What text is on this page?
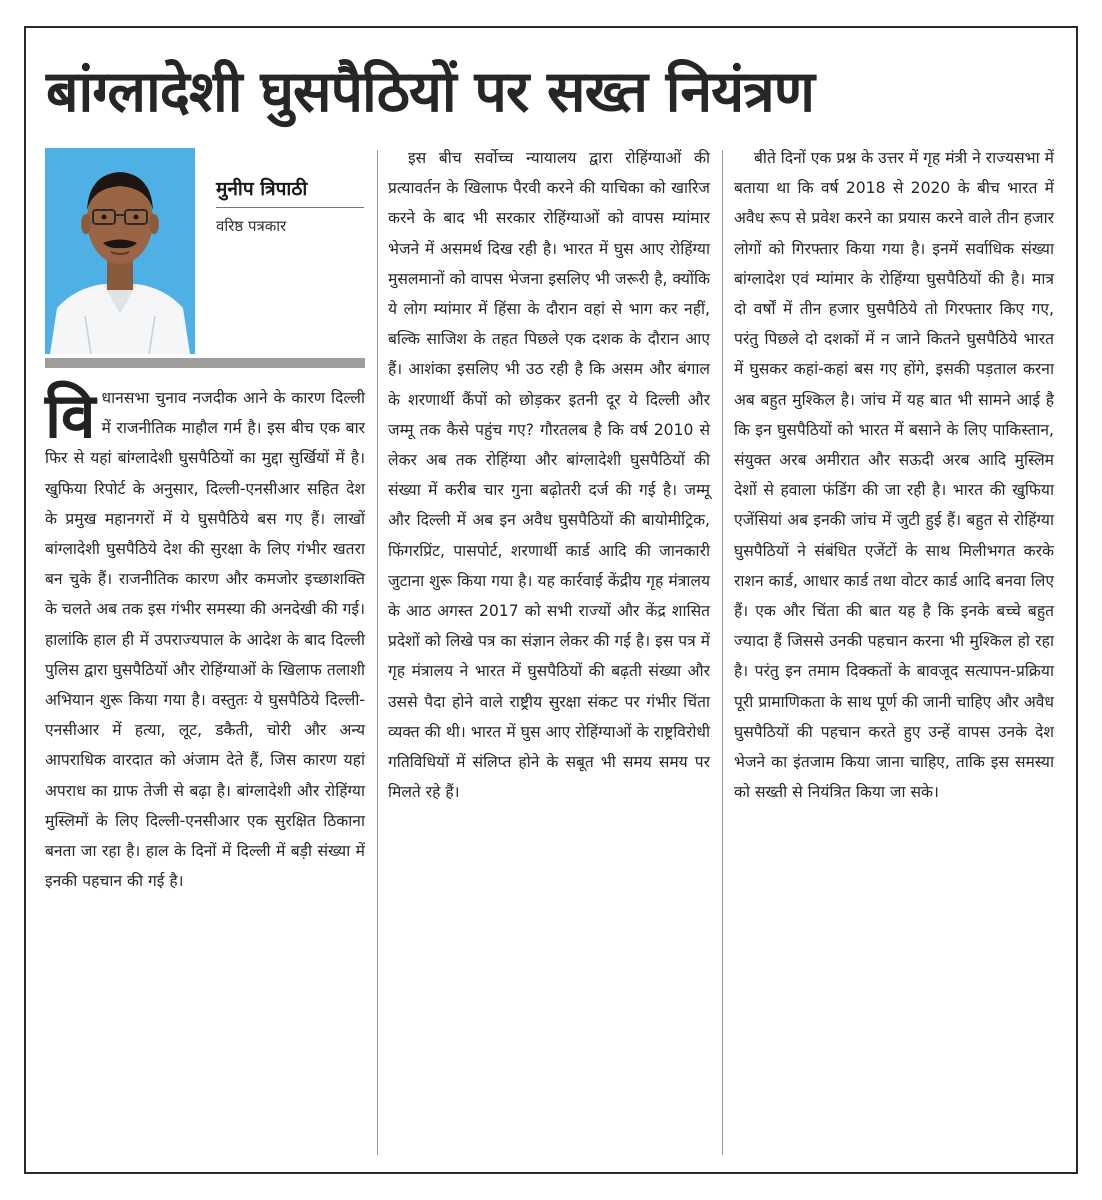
बांग्लादेशी घुसपैठियों पर सख्त नियंत्रण

मुनीप त्रिपाठी

वरिष्ठ पत्रकार

विधानसभा चुनाव नजदीक आने के कारण दिल्ली में राजनीतिक माहौल गर्म है। इस बीच एक बार फिर से यहां बांग्लादेशी घुसपैठियों का मुद्दा सुर्खियों में है। खुफिया रिपोर्ट के अनुसार, दिल्ली-एनसीआर सहित देश के प्रमुख महानगरों में ये घुसपैठिये बस गए हैं। लाखों बांग्लादेशी घुसपैठिये देश की सुरक्षा के लिए गंभीर खतरा बन चुके हैं। राजनीतिक कारण और कमजोर इच्छाशक्ति के चलते अब तक इस गंभीर समस्या की अनदेखी की गई। हालांकि हाल ही में उपराज्यपाल के आदेश के बाद दिल्ली पुलिस द्वारा घुसपैठियों और रोहिंग्याओं के खिलाफ तलाशी अभियान शुरू किया गया है। वस्तुतः ये घुसपैठिये दिल्ली-एनसीआर में हत्या, लूट, डकैती, चोरी और अन्य आपराधिक वारदात को अंजाम देते हैं, जिस कारण यहां अपराध का ग्राफ तेजी से बढ़ा है। बांग्लादेशी और रोहिंग्या मुस्लिमों के लिए दिल्ली-एनसीआर एक सुरक्षित ठिकाना बनता जा रहा है। हाल के दिनों में दिल्ली में बड़ी संख्या में इनकी पहचान की गई है।

इस बीच सर्वोच्च न्यायालय द्वारा रोहिंग्याओं की प्रत्यावर्तन के खिलाफ पैरवी करने की याचिका को खारिज करने के बाद भी सरकार रोहिंग्याओं को वापस म्यांमार भेजने में असमर्थ दिख रही है। भारत में घुस आए रोहिंग्या मुसलमानों को वापस भेजना इसलिए भी जरूरी है, क्योंकि ये लोग म्यांमार में हिंसा के दौरान वहां से भाग कर नहीं, बल्कि साजिश के तहत पिछले एक दशक के दौरान आए हैं। आशंका इसलिए भी उठ रही है कि असम और बंगाल के शरणार्थी कैंपों को छोड़कर इतनी दूर ये दिल्ली और जम्मू तक कैसे पहुंच गए? गौरतलब है कि वर्ष 2010 से लेकर अब तक रोहिंग्या और बांग्लादेशी घुसपैठियों की संख्या में करीब चार गुना बढ़ोतरी दर्ज की गई है। जम्मू और दिल्ली में अब इन अवैध घुसपैठियों की बायोमीट्रिक, फिंगरप्रिंट, पासपोर्ट, शरणार्थी कार्ड आदि की जानकारी जुटाना शुरू किया गया है। यह कार्रवाई केंद्रीय गृह मंत्रालय के आठ अगस्त 2017 को सभी राज्यों और केंद्र शासित प्रदेशों को लिखे पत्र का संज्ञान लेकर की गई है। इस पत्र में गृह मंत्रालय ने भारत में घुसपैठियों की बढ़ती संख्या और उससे पैदा होने वाले राष्ट्रीय सुरक्षा संकट पर गंभीर चिंता व्यक्त की थी। भारत में घुस आए रोहिंग्याओं के राष्ट्रविरोधी गतिविधियों में संलिप्त होने के सबूत भी समय समय पर मिलते रहे हैं।

बीते दिनों एक प्रश्न के उत्तर में गृह मंत्री ने राज्यसभा में बताया था कि वर्ष 2018 से 2020 के बीच भारत में अवैध रूप से प्रवेश करने का प्रयास करने वाले तीन हजार लोगों को गिरफ्तार किया गया है। इनमें सर्वाधिक संख्या बांग्लादेश एवं म्यांमार के रोहिंग्या घुसपैठियों की है। मात्र दो वर्षों में तीन हजार घुसपैठिये तो गिरफ्तार किए गए, परंतु पिछले दो दशकों में न जाने कितने घुसपैठिये भारत में घुसकर कहां-कहां बस गए होंगे, इसकी पड़ताल करना अब बहुत मुश्किल है। जांच में यह बात भी सामने आई है कि इन घुसपैठियों को भारत में बसाने के लिए पाकिस्तान, संयुक्त अरब अमीरात और सऊदी अरब आदि मुस्लिम देशों से हवाला फंडिंग की जा रही है। भारत की खुफिया एजेंसियां अब इनकी जांच में जुटी हुई हैं। बहुत से रोहिंग्या घुसपैठियों ने संबंधित एजेंटों के साथ मिलीभगत करके राशन कार्ड, आधार कार्ड तथा वोटर कार्ड आदि बनवा लिए हैं। एक और चिंता की बात यह है कि इनके बच्चे बहुत ज्यादा हैं जिससे उनकी पहचान करना भी मुश्किल हो रहा है। परंतु इन तमाम दिक्कतों के बावजूद सत्यापन-प्रक्रिया पूरी प्रामाणिकता के साथ पूर्ण की जानी चाहिए और अवैध घुसपैठियों की पहचान करते हुए उन्हें वापस उनके देश भेजने का इंतजाम किया जाना चाहिए, ताकि इस समस्या को सख्ती से नियंत्रित किया जा सके।
